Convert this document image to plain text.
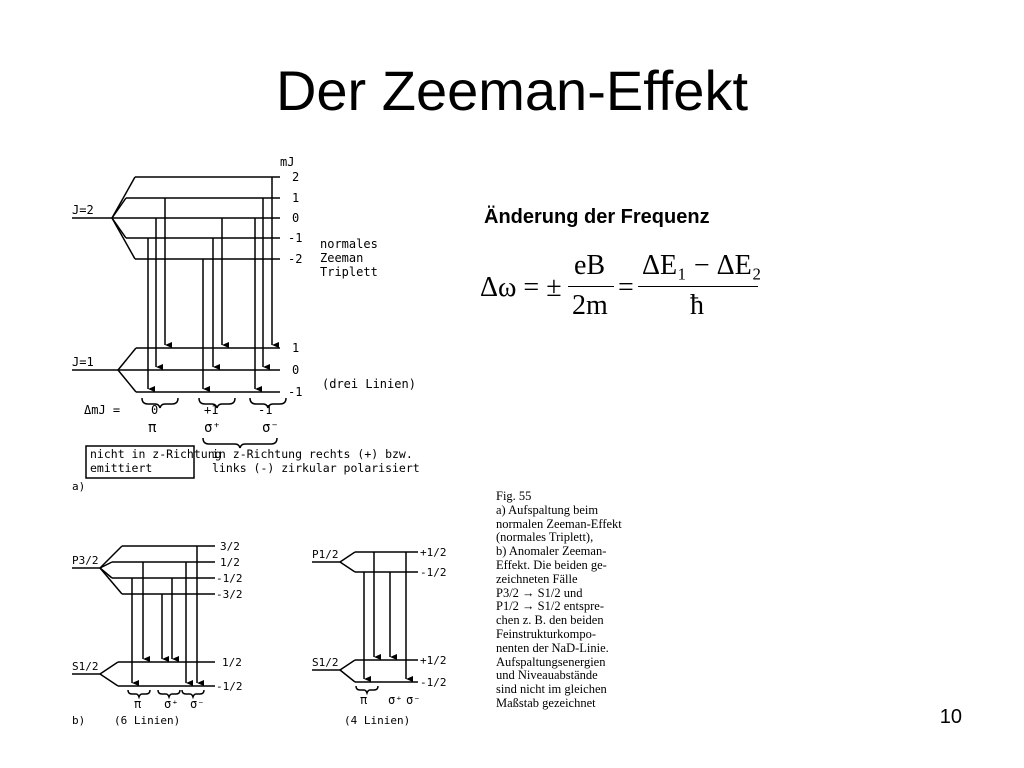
Der Zeeman-Effekt
Änderung der Frequenz
Δω = ±
eB
2m
=
ΔE₁ − ΔE₂
ħ
mJ
J=2
2
1
0
-1
-2
normales
Zeeman
Triplett
J=1
1
0
-1
(drei Linien)
ΔmJ =	0	+1	-1
π	σ⁺	σ⁻
nicht in z-Richtung
emittiert
in z-Richtung rechts (+) bzw.
links (-) zirkular polarisiert
a)
P3/2
3/2
1/2
-1/2
-3/2
S1/2	1/2
-1/2
π σ⁺ σ⁻
b)	(6 Linien)
P1/2	+1/2
-1/2
S1/2	+1/2
-1/2
π σ⁺ σ⁻
(4 Linien)
Fig. 55
a) Aufspaltung beim
normalen Zeeman-Effekt
(normales Triplett),
b) Anomaler Zeeman-
Effekt. Die beiden ge-
zeichneten Fälle
P3/2 → S1/2 und
P1/2 → S1/2 entspre-
chen z. B. den beiden
Feinstrukturkompo-
nenten der NaD-Linie.
Aufspaltungsenergien
und Niveauabstände
sind nicht im gleichen
Maßstab gezeichnet
10
